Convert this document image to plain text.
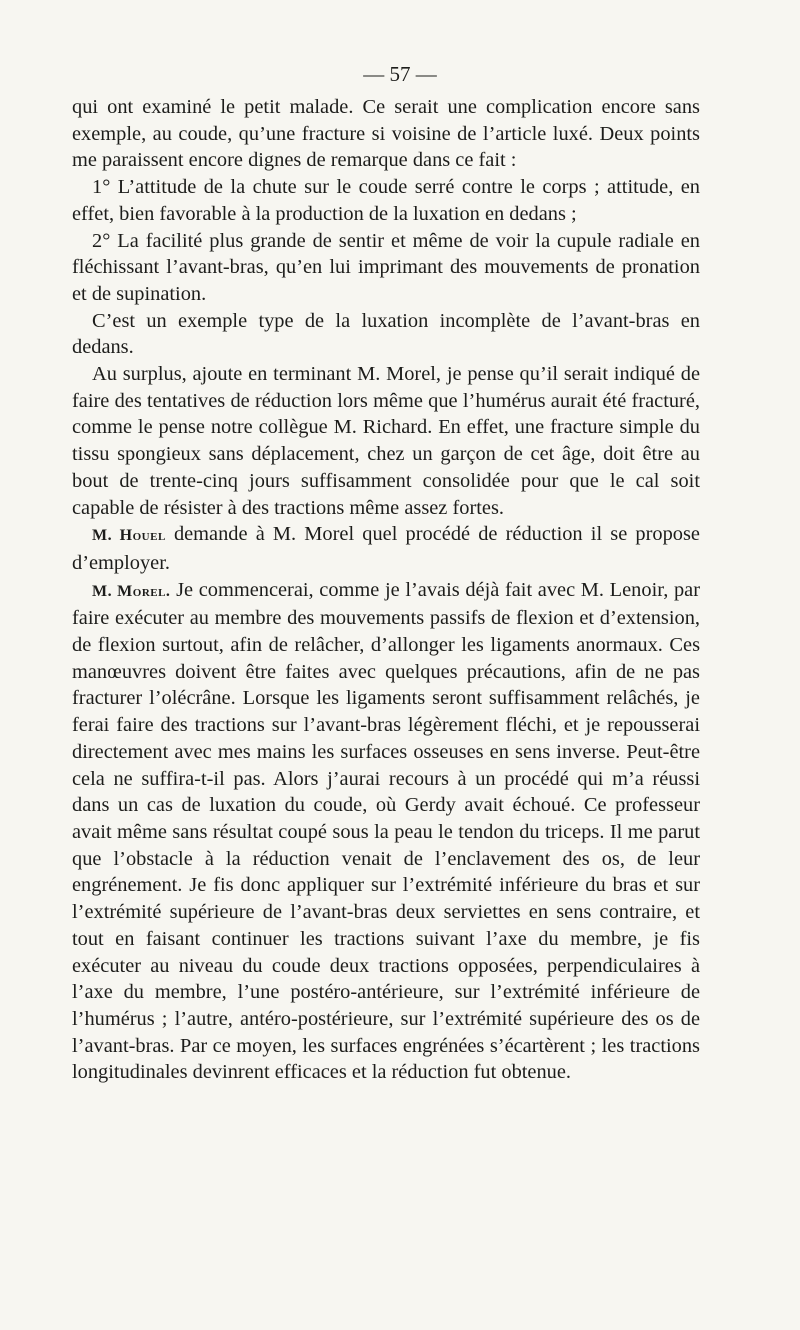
— 57 —

qui ont examiné le petit malade. Ce serait une complication encore sans exemple, au coude, qu’une fracture si voisine de l’article luxé. Deux points me paraissent encore dignes de remarque dans ce fait :

1° L’attitude de la chute sur le coude serré contre le corps ; attitude, en effet, bien favorable à la production de la luxation en dedans ;

2° La facilité plus grande de sentir et même de voir la cupule radiale en fléchissant l’avant-bras, qu’en lui imprimant des mouvements de pronation et de supination.

C’est un exemple type de la luxation incomplète de l’avant-bras en dedans.

Au surplus, ajoute en terminant M. Morel, je pense qu’il serait indiqué de faire des tentatives de réduction lors même que l’humérus aurait été fracturé, comme le pense notre collègue M. Richard. En effet, une fracture simple du tissu spongieux sans déplacement, chez un garçon de cet âge, doit être au bout de trente-cinq jours suffisamment consolidée pour que le cal soit capable de résister à des tractions même assez fortes.

M. Houel demande à M. Morel quel procédé de réduction il se propose d’employer.

M. Morel. Je commencerai, comme je l’avais déjà fait avec M. Lenoir, par faire exécuter au membre des mouvements passifs de flexion et d’extension, de flexion surtout, afin de relâcher, d’allonger les ligaments anormaux. Ces manœuvres doivent être faites avec quelques précautions, afin de ne pas fracturer l’olécrâne. Lorsque les ligaments seront suffisamment relâchés, je ferai faire des tractions sur l’avant-bras légèrement fléchi, et je repousserai directement avec mes mains les surfaces osseuses en sens inverse. Peut-être cela ne suffira-t-il pas. Alors j’aurai recours à un procédé qui m’a réussi dans un cas de luxation du coude, où Gerdy avait échoué. Ce professeur avait même sans résultat coupé sous la peau le tendon du triceps. Il me parut que l’obstacle à la réduction venait de l’enclavement des os, de leur engrénement. Je fis donc appliquer sur l’extrémité inférieure du bras et sur l’extrémité supérieure de l’avant-bras deux serviettes en sens contraire, et tout en faisant continuer les tractions suivant l’axe du membre, je fis exécuter au niveau du coude deux tractions opposées, perpendiculaires à l’axe du membre, l’une postéro-antérieure, sur l’extrémité inférieure de l’humérus ; l’autre, antéro-postérieure, sur l’extrémité supérieure des os de l’avant-bras. Par ce moyen, les surfaces engrénées s’écartèrent ; les tractions longitudinales devinrent efficaces et la réduction fut obtenue.
